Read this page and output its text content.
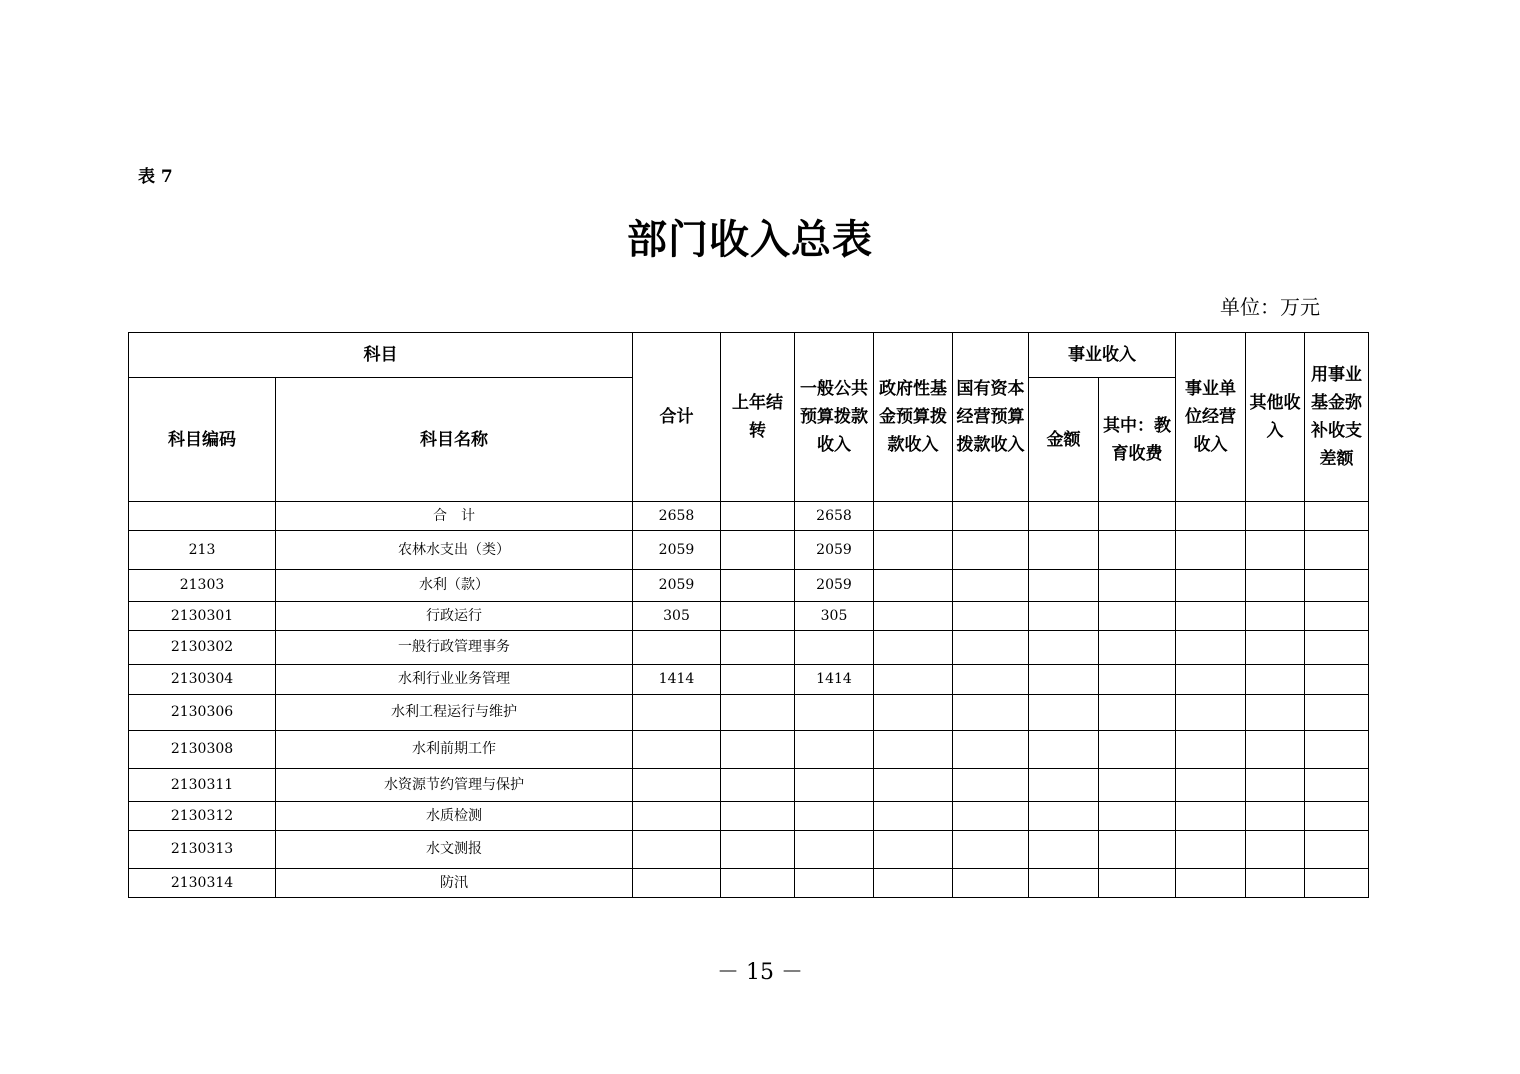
表 7
部门收入总表
单位：万元
科目		合计	上年结转	一般公共预算拨款收入	政府性基金预算拨款收入	国有资本经营预算拨款收入	事业收入		事业单位经营收入	其他收入	用事业基金弥补收支差额
科目编码	科目名称						金额	其中：教育收费			
	合　计	2658		2658							
213	农林水支出（类）	2059		2059							
21303	水利（款）	2059		2059							
2130301	行政运行	305		305							
2130302	一般行政管理事务										
2130304	水利行业业务管理	1414		1414							
2130306	水利工程运行与维护										
2130308	水利前期工作										
2130311	水资源节约管理与保护										
2130312	水质检测										
2130313	水文测报										
2130314	防汛										
－ 15 －
